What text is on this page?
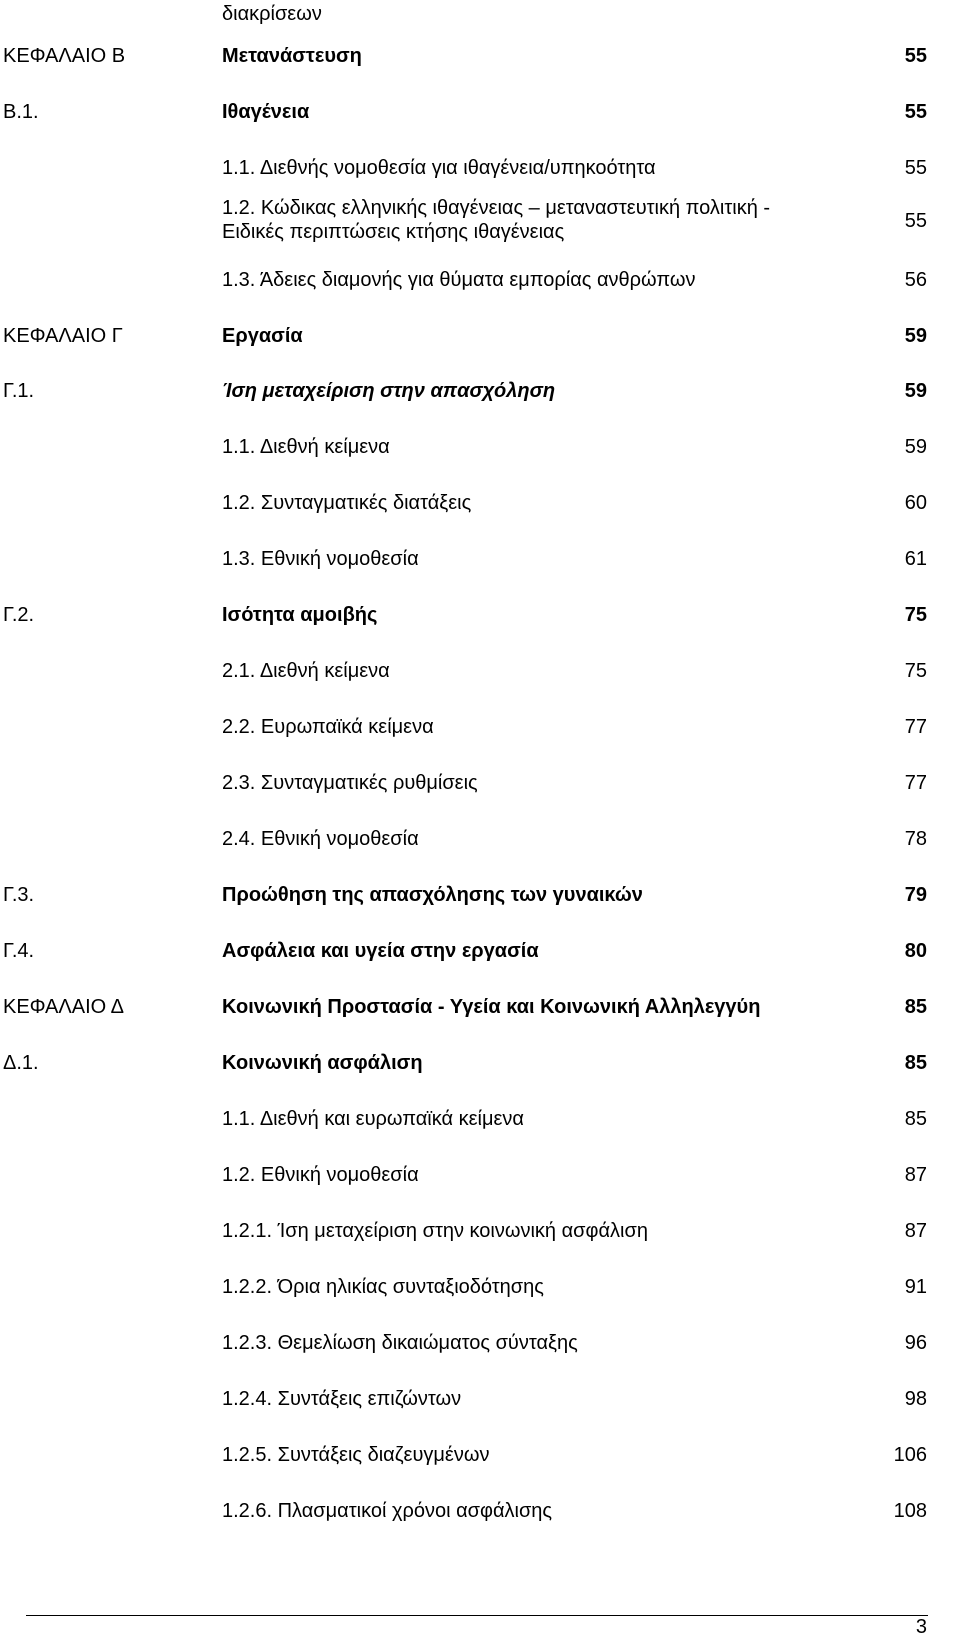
διακρίσεων
ΚΕΦΑΛΑΙΟ Β	Μετανάστευση	55
Β.1.	Ιθαγένεια	55
1.1. Διεθνής νομοθεσία για ιθαγένεια/υπηκοότητα	55
1.2. Κώδικας ελληνικής ιθαγένειας – μεταναστευτική πολιτική -
Ειδικές περιπτώσεις κτήσης ιθαγένειας	55
1.3. Άδειες διαμονής για θύματα εμπορίας ανθρώπων	56
ΚΕΦΑΛΑΙΟ Γ	Εργασία	59
Γ.1.	Ίση μεταχείριση στην απασχόληση	59
1.1. Διεθνή κείμενα	59
1.2. Συνταγματικές διατάξεις	60
1.3. Εθνική νομοθεσία	61
Γ.2.	Ισότητα αμοιβής	75
2.1. Διεθνή κείμενα	75
2.2. Ευρωπαϊκά κείμενα	77
2.3. Συνταγματικές ρυθμίσεις	77
2.4. Εθνική νομοθεσία	78
Γ.3.	Προώθηση της απασχόλησης των γυναικών	79
Γ.4.	Ασφάλεια και υγεία στην εργασία	80
ΚΕΦΑΛΑΙΟ Δ	Κοινωνική Προστασία - Υγεία και Κοινωνική Αλληλεγγύη	85
Δ.1.	Κοινωνική ασφάλιση	85
1.1. Διεθνή και ευρωπαϊκά κείμενα	85
1.2. Εθνική νομοθεσία	87
1.2.1. Ίση μεταχείριση στην κοινωνική ασφάλιση	87
1.2.2. Όρια ηλικίας συνταξιοδότησης	91
1.2.3. Θεμελίωση δικαιώματος σύνταξης	96
1.2.4. Συντάξεις επιζώντων	98
1.2.5. Συντάξεις διαζευγμένων	106
1.2.6. Πλασματικοί χρόνοι ασφάλισης	108
3
